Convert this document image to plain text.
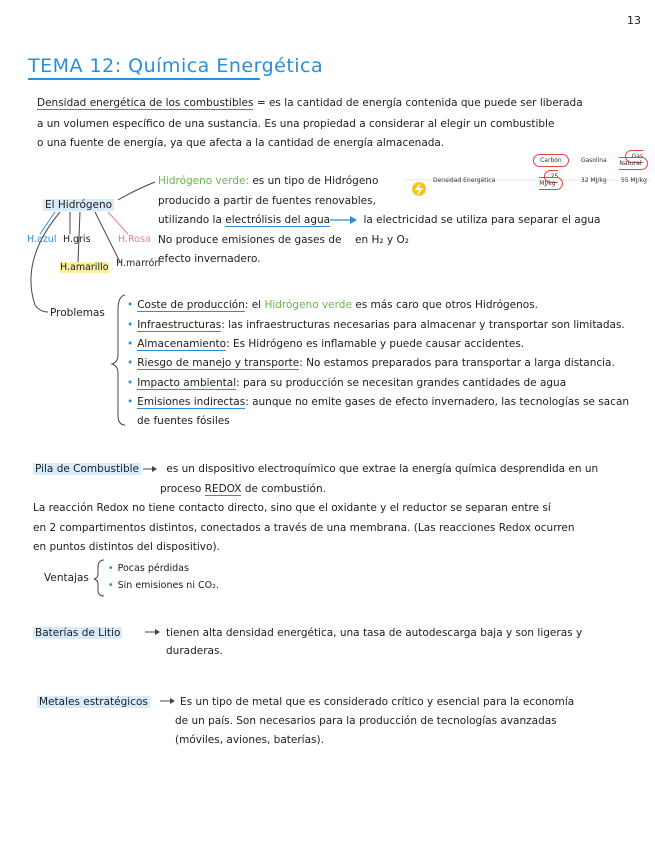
13
TEMA 12: Química Energética
Densidad energética de los combustibles = es la cantidad de energía contenida que puede ser liberada
a un volumen específico de una sustancia. Es una propiedad a considerar al elegir un combustible
o una fuente de energía, ya que afecta a la cantidad de energía almacenada.
	Carbón	Gasolina	Gas Natural
Densidad Energética	25 MJ/kg	32 MJ/kg	55 MJ/kg
El Hidrógeno
H.azul H.gris	H.Rosa
H.amarillo H.marrón
Hidrógeno verde: es un tipo de Hidrógeno
producido a partir de fuentes renovables,
utilizando la electrólisis del agua	la electricidad se utiliza para separar el agua
No produce emisiones de gases de en H₂ y O₂
efecto invernadero.
Problemas
• Coste de producción: el Hidrógeno verde es más caro que otros Hidrógenos.
• Infraestructuras: las infraestructuras necesarias para almacenar y transportar son limitadas.
• Almacenamiento: Es Hidrógeno es inflamable y puede causar accidentes.
• Riesgo de manejo y transporte: No estamos preparados para transportar a larga distancia.
• Impacto ambiental: para su producción se necesitan grandes cantidades de agua
• Emisiones indirectas: aunque no emite gases de efecto invernadero, las tecnologías se sacan
de fuentes fósiles
Pila de Combustible	es un dispositivo electroquímico que extrae la energía química desprendida en un
proceso REDOX de combustión.
La reacción Redox no tiene contacto directo, sino que el oxidante y el reductor se separan entre sí
en 2 compartimentos distintos, conectados a través de una membrana. (Las reacciones Redox ocurren
en puntos distintos del dispositivo).
Ventajas
• Pocas pérdidas
• Sin emisiones ni CO₂.
Baterías de Litio	tienen alta densidad energética, una tasa de autodescarga baja y son ligeras y
duraderas.
Metales estratégicos	Es un tipo de metal que es considerado crítico y esencial para la economía
de un país. Son necesarios para la producción de tecnologías avanzadas
(móviles, aviones, baterías).
